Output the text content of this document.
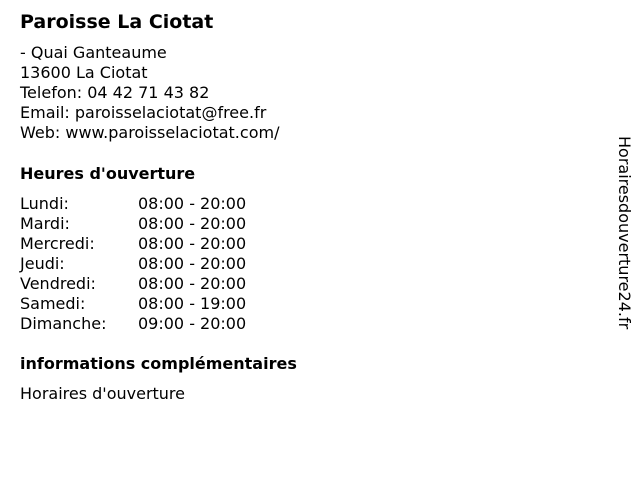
Paroisse La Ciotat
- Quai Ganteaume
13600 La Ciotat
Telefon: 04 42 71 43 82
Email: paroisselaciotat@free.fr
Web: www.paroisselaciotat.com/
Heures d'ouverture
Lundi:	08:00 - 20:00
Mardi:	08:00 - 20:00
Mercredi:	08:00 - 20:00
Jeudi:	08:00 - 20:00
Vendredi:	08:00 - 20:00
Samedi:	08:00 - 19:00
Dimanche: 09:00 - 20:00
informations complémentaires
Horaires d'ouverture
Horairesdouverture24.fr
